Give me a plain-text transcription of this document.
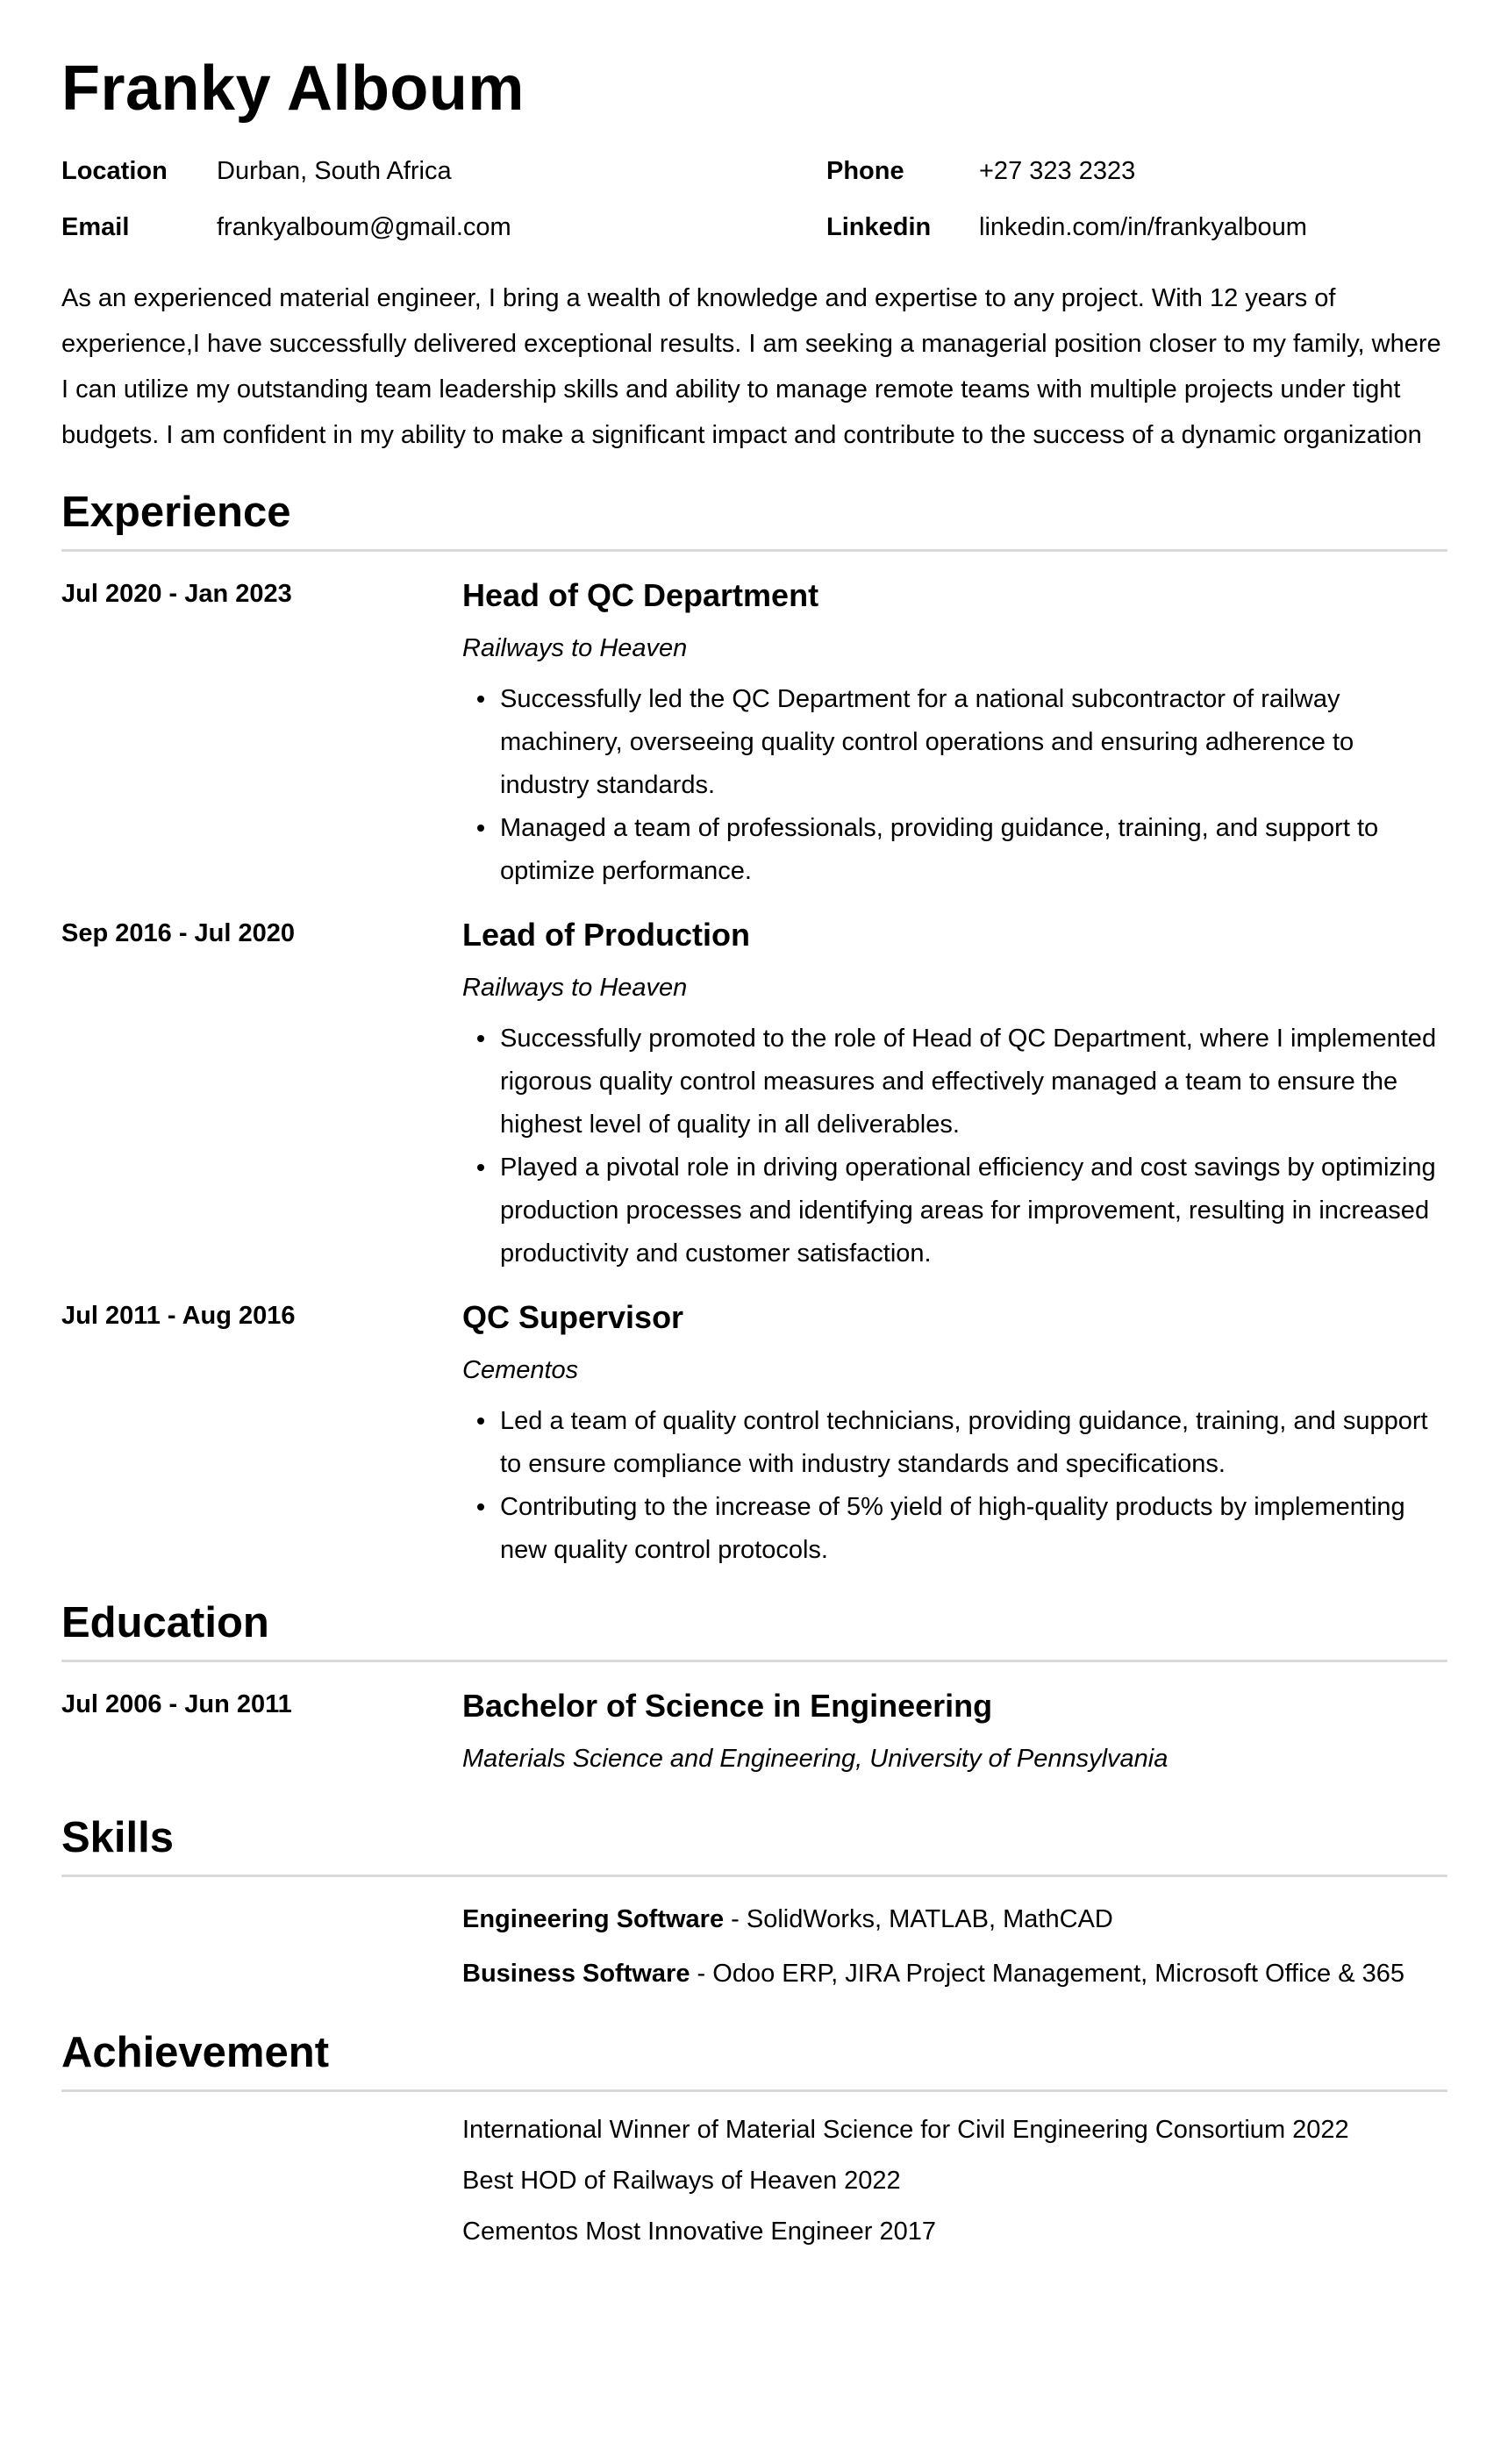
Franky Alboum
Location	Durban, South Africa	Phone	+27 323 2323
Email	frankyalboum@gmail.com	Linkedin	linkedin.com/in/frankyalboum

As an experienced material engineer, I bring a wealth of knowledge and expertise to any project. With 12 years of experience,I have successfully delivered exceptional results. I am seeking a managerial position closer to my family, where I can utilize my outstanding team leadership skills and ability to manage remote teams with multiple projects under tight budgets. I am confident in my ability to make a significant impact and contribute to the success of a dynamic organization

Experience
Jul 2020 - Jan 2023	Head of QC Department
Railways to Heaven
Successfully led the QC Department for a national subcontractor of railway machinery, overseeing quality control operations and ensuring adherence to industry standards.
Managed a team of professionals, providing guidance, training, and support to optimize performance.
Sep 2016 - Jul 2020	Lead of Production
Railways to Heaven
Successfully promoted to the role of Head of QC Department, where I implemented rigorous quality control measures and effectively managed a team to ensure the highest level of quality in all deliverables.
Played a pivotal role in driving operational efficiency and cost savings by optimizing production processes and identifying areas for improvement, resulting in increased productivity and customer satisfaction.
Jul 2011 - Aug 2016	QC Supervisor
Cementos
Led a team of quality control technicians, providing guidance, training, and support to ensure compliance with industry standards and specifications.
Contributing to the increase of 5% yield of high-quality products by implementing new quality control protocols.
Education
Jul 2006 - Jun 2011	Bachelor of Science in Engineering
Materials Science and Engineering, University of Pennsylvania
Skills
Engineering Software - SolidWorks, MATLAB, MathCAD
Business Software - Odoo ERP, JIRA Project Management, Microsoft Office & 365
Achievement
International Winner of Material Science for Civil Engineering Consortium 2022
Best HOD of Railways of Heaven 2022
Cementos Most Innovative Engineer 2017
